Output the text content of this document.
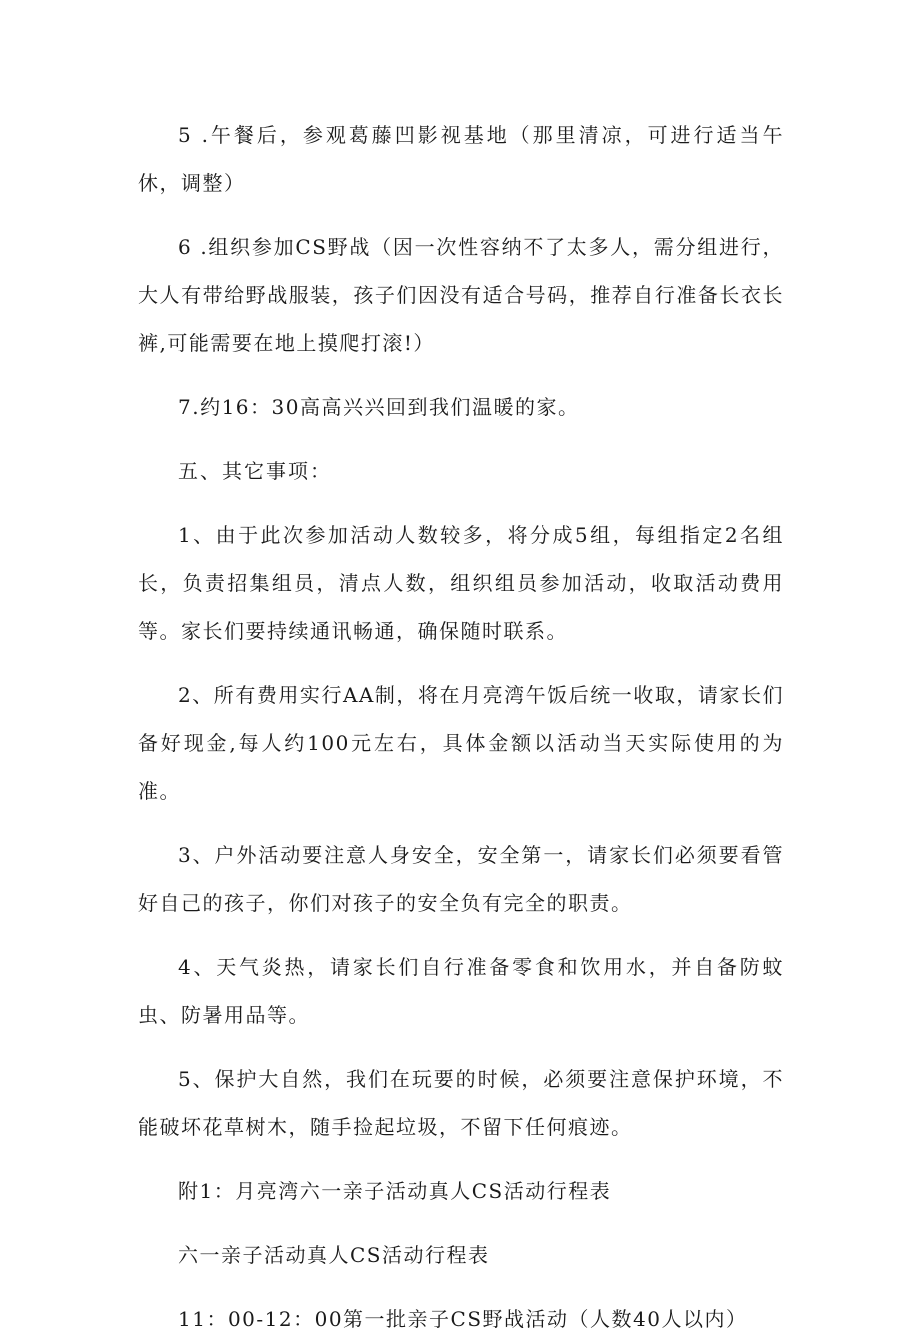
5 .午餐后，参观葛藤凹影视基地（那里清凉，可进行适当午休，调整）

6 .组织参加CS野战（因一次性容纳不了太多人，需分组进行，大人有带给野战服装，孩子们因没有适合号码，推荐自行准备长衣长裤,可能需要在地上摸爬打滚!）

7.约16：30高高兴兴回到我们温暖的家。

五、其它事项：

1、由于此次参加活动人数较多，将分成5组，每组指定2名组长，负责招集组员，清点人数，组织组员参加活动，收取活动费用等。家长们要持续通讯畅通，确保随时联系。

2、所有费用实行AA制，将在月亮湾午饭后统一收取，请家长们备好现金,每人约100元左右，具体金额以活动当天实际使用的为准。

3、户外活动要注意人身安全，安全第一，请家长们必须要看管好自己的孩子，你们对孩子的安全负有完全的职责。

4、天气炎热，请家长们自行准备零食和饮用水，并自备防蚊虫、防暑用品等。

5、保护大自然，我们在玩要的时候，必须要注意保护环境，不能破坏花草树木，随手捡起垃圾，不留下任何痕迹。

附1：月亮湾六一亲子活动真人CS活动行程表

六一亲子活动真人CS活动行程表

11：00-12：00第一批亲子CS野战活动（人数40人以内）
